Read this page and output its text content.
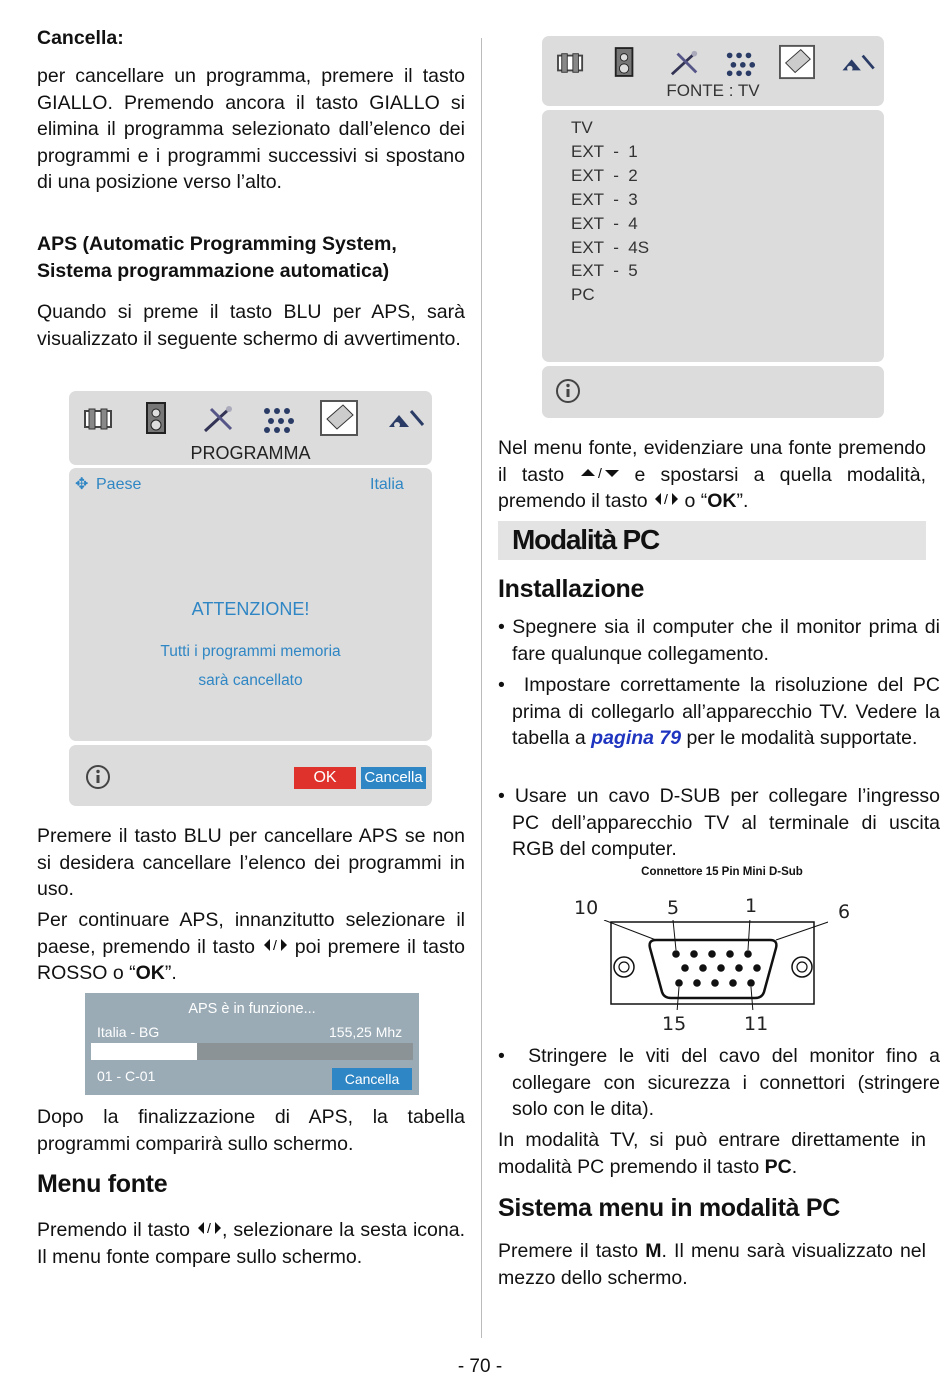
Cancella:

per cancellare un programma, premere il tasto GIALLO. Premendo ancora il tasto GIALLO si elimina il programma selezionato dall’elenco dei programmi e i programmi successivi si spostano di una posizione verso l’alto.

APS (Automatic Programming System,
Sistema programmazione automatica)

Quando si preme il tasto BLU per APS, sarà visualizzato il seguente schermo di avvertimento.

PROGRAMMA
✥ Paese	Italia
ATTENZIONE!
Tutti i programmi memoria
sarà cancellato
OK	Cancella

Premere il tasto BLU per cancellare APS se non si desidera cancellare l’elenco dei programmi in uso.

Per continuare APS, innanzitutto selezionare il paese, premendo il tasto / poi premere il tasto ROSSO o “OK”.

APS è in funzione...
Italia - BG	155,25 Mhz
01 - C-01	Cancella

Dopo la finalizzazione di APS, la tabella programmi comparirà sullo schermo.

Menu fonte

Premendo il tasto / , selezionare la sesta icona. Il menu fonte compare sullo schermo.

FONTE : TV
TV
EXT  -  1
EXT  -  2
EXT  -  3
EXT  -  4
EXT  -  4S
EXT  -  5
PC

Nel menu fonte, evidenziare una fonte premendo il tasto / e spostarsi a quella modalità, premendo il tasto / o “OK”.

Modalità PC
Installazione
• Spegnere sia il computer che il monitor prima di fare qualunque collegamento.
•  Impostare correttamente la risoluzione del PC prima di collegarlo all’apparecchio TV. Vedere la tabella a pagina 79 per le modalità supportate.
• Usare un cavo D-SUB per collegare l’ingresso PC dell’apparecchio TV al terminale di uscita RGB del computer.
Connettore 15 Pin Mini D-Sub
10	5	1	6
15	11
•  Stringere le viti del cavo del monitor fino a collegare con sicurezza i connettori (stringere solo con le dita).

In modalità TV, si può entrare direttamente in modalità PC premendo il tasto PC.

Sistema menu in modalità PC

Premere il tasto M. Il menu sarà visualizzato nel mezzo dello schermo.

- 70 -
